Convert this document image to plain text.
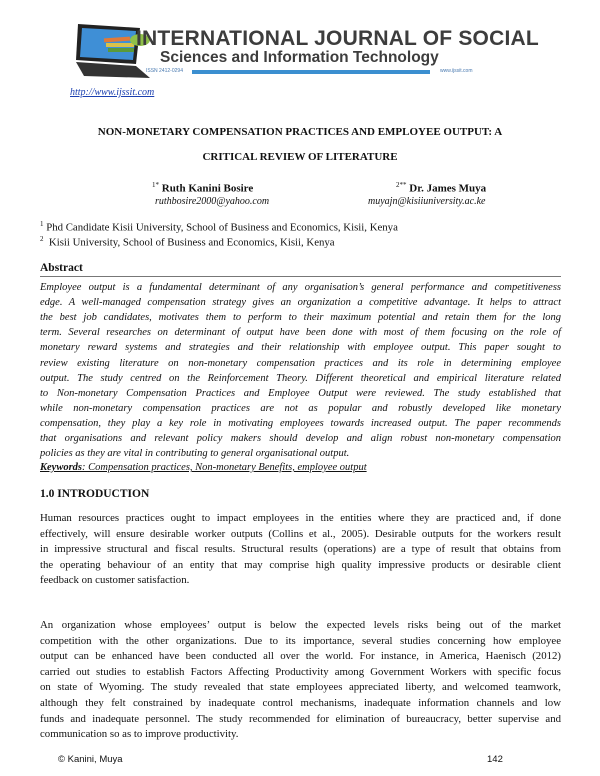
INTERNATIONAL JOURNAL OF SOCIAL
Sciences and Information Technology
ISSN 2412-0294	www.ijssit.com
http://www.ijssit.com
NON-MONETARY COMPENSATION PRACTICES AND EMPLOYEE OUTPUT: A
CRITICAL REVIEW OF LITERATURE
$^{1*}$ Ruth Kanini Bosire
ruthbosire2000@yahoo.com
$^{2**}$ Dr. James Muya
muyajn@kisiiuniversity.ac.ke
$^1$ Phd Candidate Kisii University, School of Business and Economics, Kisii, Kenya
$^2$ Kisii University, School of Business and Economics, Kisii, Kenya
Abstract
Employee output is a fundamental determinant of any organisation’s general performance and competitiveness
edge. A well-managed compensation strategy gives an organization a competitive advantage. It helps to attract
the best job candidates, motivates them to perform to their maximum potential and retain them for the long
term. Several researches on determinant of output have been done with most of them focusing on the role of
monetary reward systems and strategies and their relationship with employee output. This paper sought to
review existing literature on non-monetary compensation practices and its role in determining employee
output. The study centred on the Reinforcement Theory. Different theoretical and empirical literature related
to Non-monetary Compensation Practices and Employee Output were reviewed. The study established that
while non-monetary compensation practices are not as popular and robustly developed like monetary
compensation, they play a key role in motivating employees towards increased output. The paper recommends
that organisations and relevant policy makers should develop and align robust non-monetary compensation
policies as they are vital in contributing to general organisational output.
Keywords: Compensation practices, Non-monetary Benefits, employee output
1.0 INTRODUCTION
Human resources practices ought to impact employees in the entities where they are practiced and, if done
effectively, will ensure desirable worker outputs (Collins et al., 2005). Desirable outputs for the workers result
in impressive structural and fiscal results. Structural results (operations) are a type of result that obtains from
the operating behaviour of an entity that may comprise high quality impressive products or desirable client
feedback on customer satisfaction.
An organization whose employees’ output is below the expected levels risks being out of the market
competition with the other organizations. Due to its importance, several studies concerning how employee
output can be enhanced have been conducted all over the world. For instance, in America, Haenisch (2012)
carried out studies to establish Factors Affecting Productivity among Government Workers with specific focus
on state of Wyoming. The study revealed that state employees appreciated liberty, and welcomed teamwork,
although they felt constrained by inadequate control mechanisms, inadequate information channels and low
funds and inadequate personnel. The study recommended for elimination of bureaucracy, better supervise and
communication so as to improve productivity.
© Kanini, Muya	142
